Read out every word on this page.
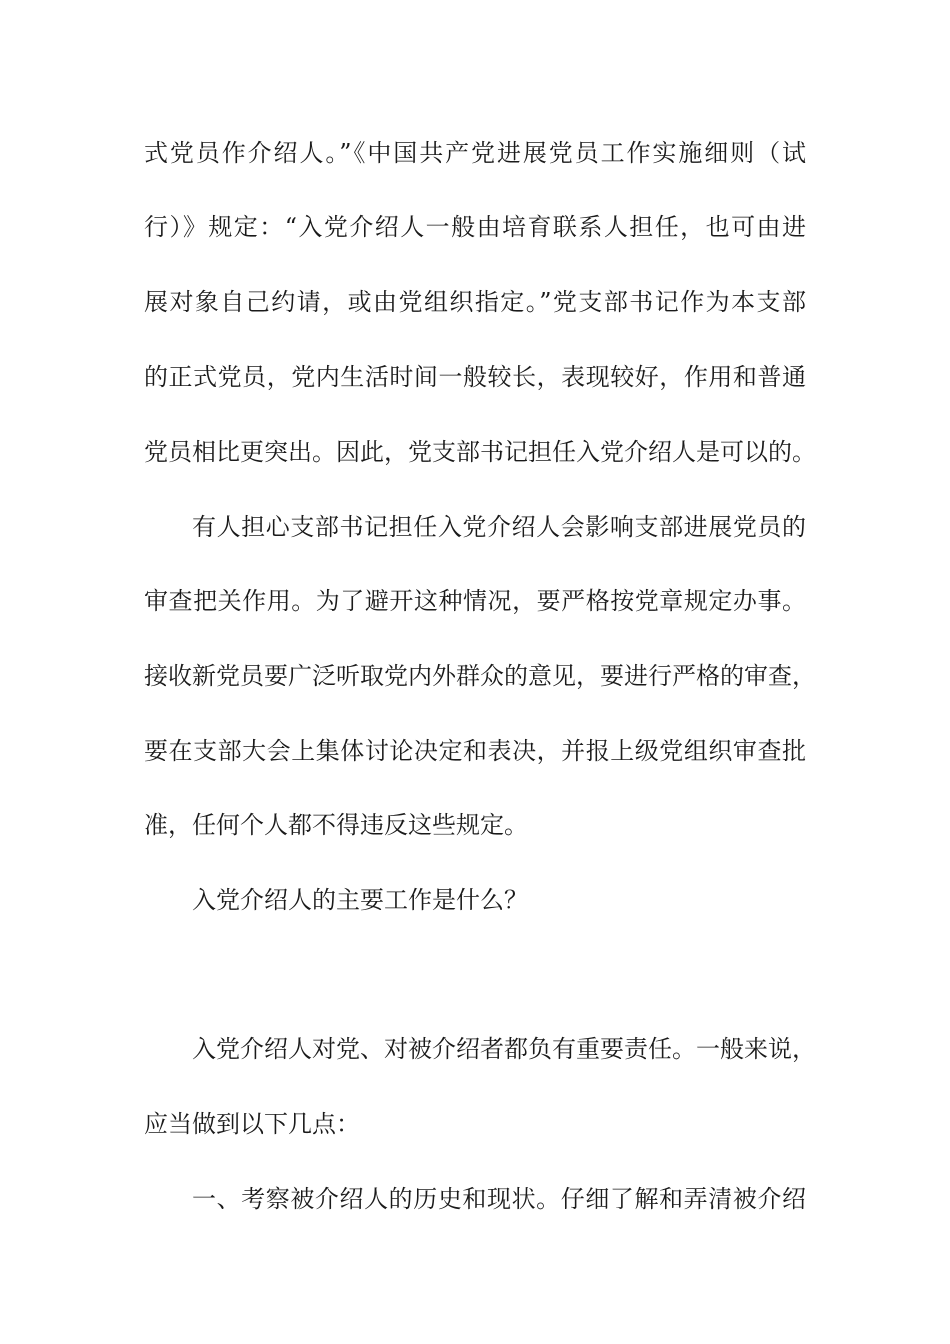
式党员作介绍人。”《中国共产党进展党员工作实施细则（试
行）》规定：“入党介绍人一般由培育联系人担任，也可由进
展对象自己约请，或由党组织指定。”党支部书记作为本支部
的正式党员，党内生活时间一般较长，表现较好，作用和普通
党员相比更突出。因此，党支部书记担任入党介绍人是可以的。
有人担心支部书记担任入党介绍人会影响支部进展党员的
审查把关作用。为了避开这种情况，要严格按党章规定办事。
接收新党员要广泛听取党内外群众的意见，要进行严格的审查，
要在支部大会上集体讨论决定和表决，并报上级党组织审查批
准，任何个人都不得违反这些规定。
入党介绍人的主要工作是什么？
入党介绍人对党、对被介绍者都负有重要责任。一般来说，
应当做到以下几点：
一、考察被介绍人的历史和现状。仔细了解和弄清被介绍
